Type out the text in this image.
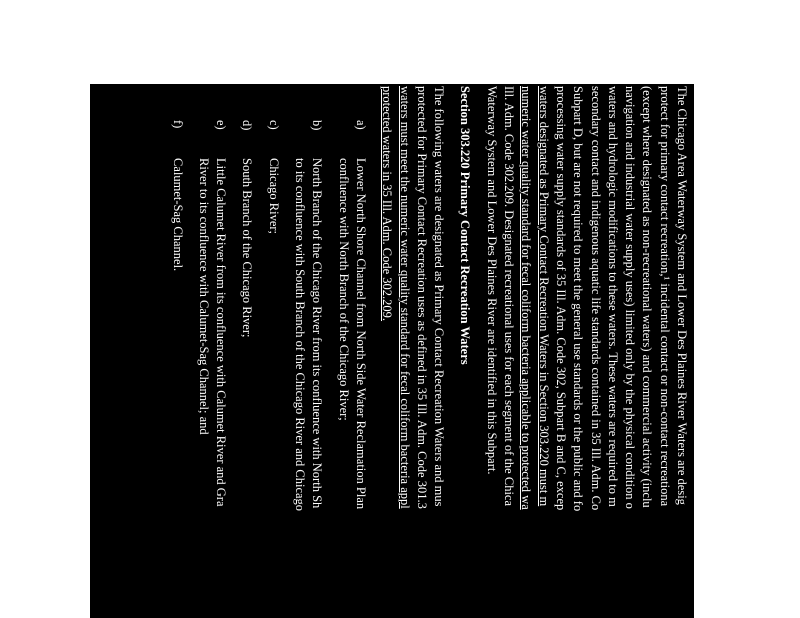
The Chicago Area Waterway System and Lower Des Plaines River Waters are desig
protect for primary contact recreation,¹ incidental contact or non-contact recreationa
(except where designated as non-recreational waters) and commercial activity (inclu
navigation and industrial water supply uses) limited only by the physical condition o
waters and hydrologic modifications to these waters. These waters are required to m
secondary contact and indigenous aquatic life standards contained in 35 Ill. Adm. Co
Subpart D, but are not required to meet the general use standards or the public and fo
processing water supply standards of 35 Ill. Adm. Code 302, Subpart B and C, excep
waters designated as Primary Contact Recreation Waters in Section 303.220 must m
numeric water quality standard for fecal coliform bacteria applicable to protected wa
Ill. Adm. Code 302.209. Designated recreational uses for each segment of the Chica
Waterway System and Lower Des Plaines River are identified in this Subpart.
Section 303.220 Primary Contact Recreation Waters
The following waters are designated as Primary Contact Recreation Waters and mus
protected for Primary Contact Recreation uses as defined in 35 Ill. Adm. Code 301.3
waters must meet the numeric water quality standard for fecal coliform bacteria appl
protected waters in 35 Ill. Adm. Code 302.209.
a)Lower North Shore Channel from North Side Water Reclamation Plan
confluence with North Branch of the Chicago River;
b)North Branch of the Chicago River from its confluence with North Sh
to its confluence with South Branch of the Chicago River and Chicago
c)Chicago River;
d)South Branch of the Chicago River;
e)Little Calumet River from its confluence with Calumet River and Gra
River to its confluence with Calumet-Sag Channel; and
f)Calumet-Sag Channel.
